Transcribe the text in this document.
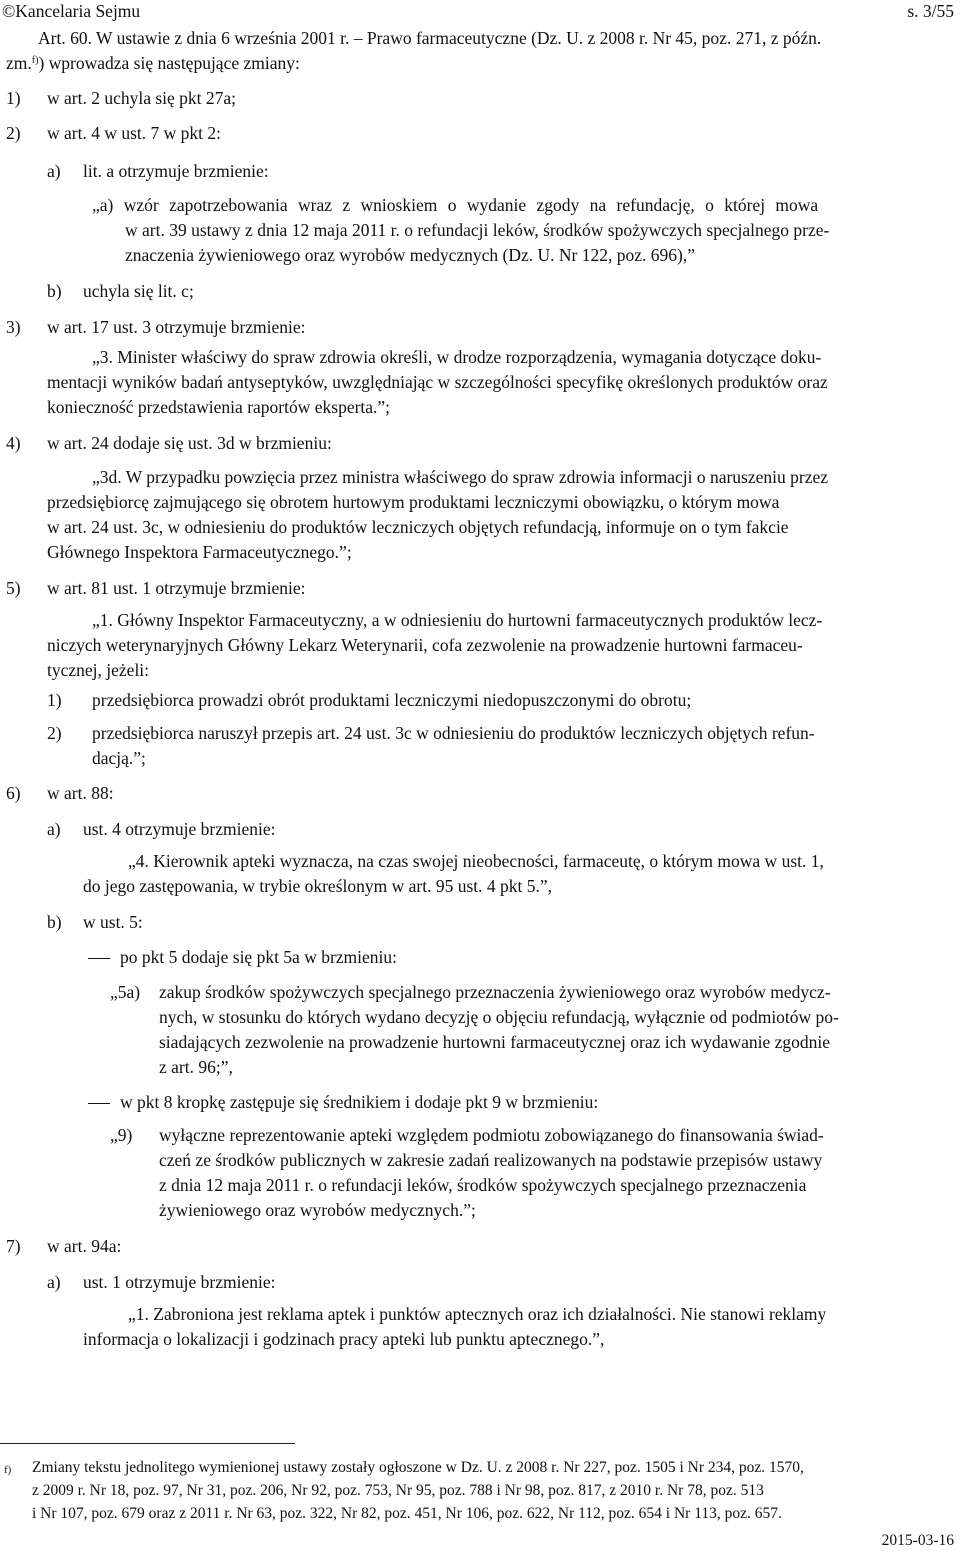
©Kancelaria Sejmu	s. 3/55
Art. 60. W ustawie z dnia 6 września 2001 r. – Prawo farmaceutyczne (Dz. U. z 2008 r. Nr 45, poz. 271, z późn.
zm.$^{f)}$) wprowadza się następujące zmiany:
1) w art. 2 uchyla się pkt 27a;
2) w art. 4 w ust. 7 w pkt 2:
a) lit. a otrzymuje brzmienie:
„a) wzór zapotrzebowania wraz z wnioskiem o wydanie zgody na refundację, o której mowa
w art. 39 ustawy z dnia 12 maja 2011 r. o refundacji leków, środków spożywczych specjalnego prze-
znaczenia żywieniowego oraz wyrobów medycznych (Dz. U. Nr 122, poz. 696),”
b) uchyla się lit. c;
3) w art. 17 ust. 3 otrzymuje brzmienie:
„3. Minister właściwy do spraw zdrowia określi, w drodze rozporządzenia, wymagania dotyczące doku-
mentacji wyników badań antyseptyków, uwzględniając w szczególności specyfikę określonych produktów oraz
konieczność przedstawienia raportów eksperta.”;
4) w art. 24 dodaje się ust. 3d w brzmieniu:
„3d. W przypadku powzięcia przez ministra właściwego do spraw zdrowia informacji o naruszeniu przez
przedsiębiorcę zajmującego się obrotem hurtowym produktami leczniczymi obowiązku, o którym mowa
w art. 24 ust. 3c, w odniesieniu do produktów leczniczych objętych refundacją, informuje on o tym fakcie
Głównego Inspektora Farmaceutycznego.”;
5) w art. 81 ust. 1 otrzymuje brzmienie:
„1. Główny Inspektor Farmaceutyczny, a w odniesieniu do hurtowni farmaceutycznych produktów lecz-
niczych weterynaryjnych Główny Lekarz Weterynarii, cofa zezwolenie na prowadzenie hurtowni farmaceu-
tycznej, jeżeli:
1) przedsiębiorca prowadzi obrót produktami leczniczymi niedopuszczonymi do obrotu;
2) przedsiębiorca naruszył przepis art. 24 ust. 3c w odniesieniu do produktów leczniczych objętych refun-
dacją.”;
6) w art. 88:
a) ust. 4 otrzymuje brzmienie:
„4. Kierownik apteki wyznacza, na czas swojej nieobecności, farmaceutę, o którym mowa w ust. 1,
do jego zastępowania, w trybie określonym w art. 95 ust. 4 pkt 5.”,
b) w ust. 5:
po pkt 5 dodaje się pkt 5a w brzmieniu:
„5a) zakup środków spożywczych specjalnego przeznaczenia żywieniowego oraz wyrobów medycz-
nych, w stosunku do których wydano decyzję o objęciu refundacją, wyłącznie od podmiotów po-
siadających zezwolenie na prowadzenie hurtowni farmaceutycznej oraz ich wydawanie zgodnie
z art. 96;”,
w pkt 8 kropkę zastępuje się średnikiem i dodaje pkt 9 w brzmieniu:
„9) wyłączne reprezentowanie apteki względem podmiotu zobowiązanego do finansowania świad-
czeń ze środków publicznych w zakresie zadań realizowanych na podstawie przepisów ustawy
z dnia 12 maja 2011 r. o refundacji leków, środków spożywczych specjalnego przeznaczenia
żywieniowego oraz wyrobów medycznych.”;
7) w art. 94a:
a) ust. 1 otrzymuje brzmienie:
„1. Zabroniona jest reklama aptek i punktów aptecznych oraz ich działalności. Nie stanowi reklamy
informacja o lokalizacji i godzinach pracy apteki lub punktu aptecznego.”,
f) Zmiany tekstu jednolitego wymienionej ustawy zostały ogłoszone w Dz. U. z 2008 r. Nr 227, poz. 1505 i Nr 234, poz. 1570,
z 2009 r. Nr 18, poz. 97, Nr 31, poz. 206, Nr 92, poz. 753, Nr 95, poz. 788 i Nr 98, poz. 817, z 2010 r. Nr 78, poz. 513
i Nr 107, poz. 679 oraz z 2011 r. Nr 63, poz. 322, Nr 82, poz. 451, Nr 106, poz. 622, Nr 112, poz. 654 i Nr 113, poz. 657.
2015-03-16
